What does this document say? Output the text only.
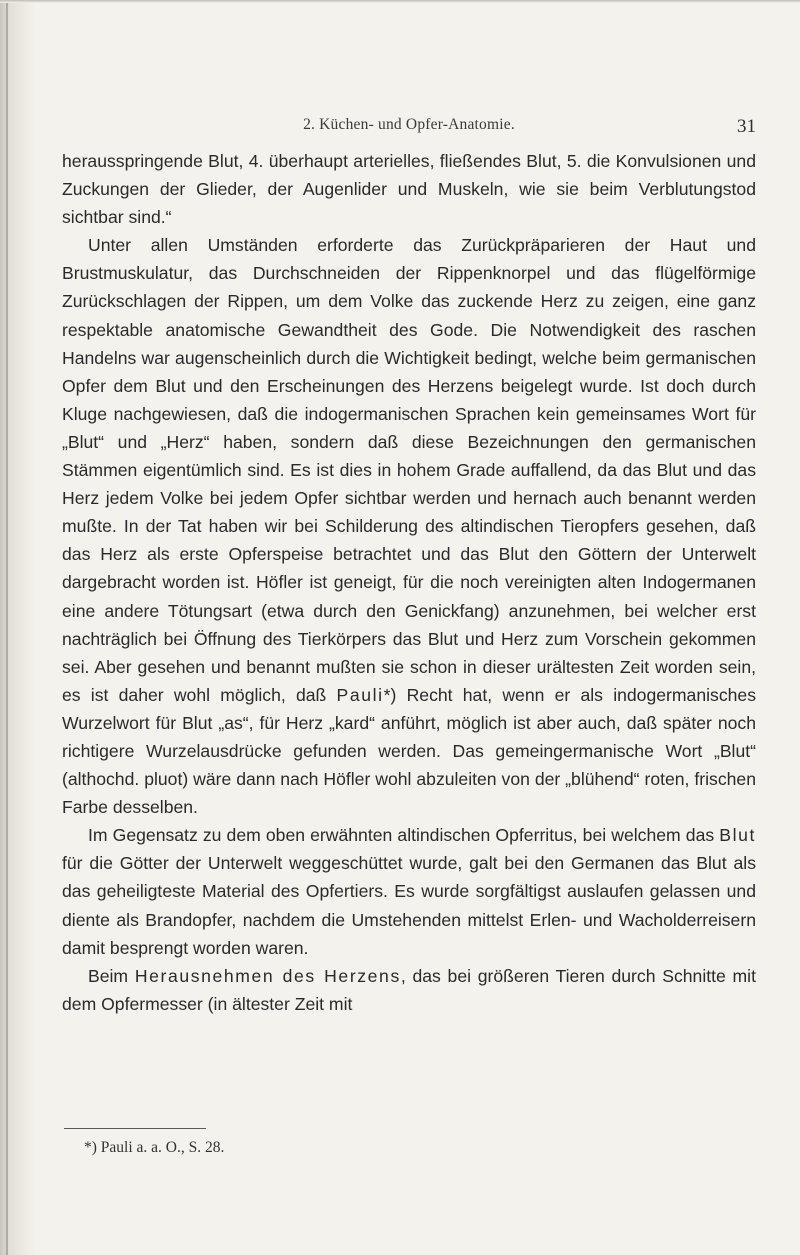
2. Küchen- und Opfer-Anatomie.	31

herausspringende Blut, 4. überhaupt arterielles, fließendes Blut, 5. die Konvulsionen und Zuckungen der Glieder, der Augenlider und Muskeln, wie sie beim Verblutungstod sichtbar sind.“

Unter allen Umständen erforderte das Zurückpräparieren der Haut und Brustmuskulatur, das Durchschneiden der Rippenknorpel und das flügelförmige Zurückschlagen der Rippen, um dem Volke das zuckende Herz zu zeigen, eine ganz respektable anatomische Gewandtheit des Gode. Die Notwendigkeit des raschen Handelns war augenscheinlich durch die Wichtigkeit bedingt, welche beim germanischen Opfer dem Blut und den Erscheinungen des Herzens beigelegt wurde. Ist doch durch Kluge nachgewiesen, daß die indogermanischen Sprachen kein gemeinsames Wort für „Blut“ und „Herz“ haben, sondern daß diese Bezeichnungen den germanischen Stämmen eigentümlich sind. Es ist dies in hohem Grade auffallend, da das Blut und das Herz jedem Volke bei jedem Opfer sichtbar werden und hernach auch benannt werden mußte. In der Tat haben wir bei Schilderung des altindischen Tieropfers gesehen, daß das Herz als erste Opferspeise betrachtet und das Blut den Göttern der Unterwelt dargebracht worden ist. Höfler ist geneigt, für die noch vereinigten alten Indogermanen eine andere Tötungsart (etwa durch den Genickfang) anzunehmen, bei welcher erst nachträglich bei Öffnung des Tierkörpers das Blut und Herz zum Vorschein gekommen sei. Aber gesehen und benannt mußten sie schon in dieser urältesten Zeit worden sein, es ist daher wohl möglich, daß Pauli*) Recht hat, wenn er als indogermanisches Wurzelwort für Blut „as“, für Herz „kard“ anführt, möglich ist aber auch, daß später noch richtigere Wurzelausdrücke gefunden werden. Das gemeingermanische Wort „Blut“ (althochd. pluot) wäre dann nach Höfler wohl abzuleiten von der „blühend“ roten, frischen Farbe desselben.

Im Gegensatz zu dem oben erwähnten altindischen Opferritus, bei welchem das Blut für die Götter der Unterwelt weggeschüttet wurde, galt bei den Germanen das Blut als das geheiligteste Material des Opfertiers. Es wurde sorgfältigst auslaufen gelassen und diente als Brandopfer, nachdem die Umstehenden mittelst Erlen- und Wacholderreisern damit besprengt worden waren.

Beim Herausnehmen des Herzens, das bei größeren Tieren durch Schnitte mit dem Opfermesser (in ältester Zeit mit

*) Pauli a. a. O., S. 28.
